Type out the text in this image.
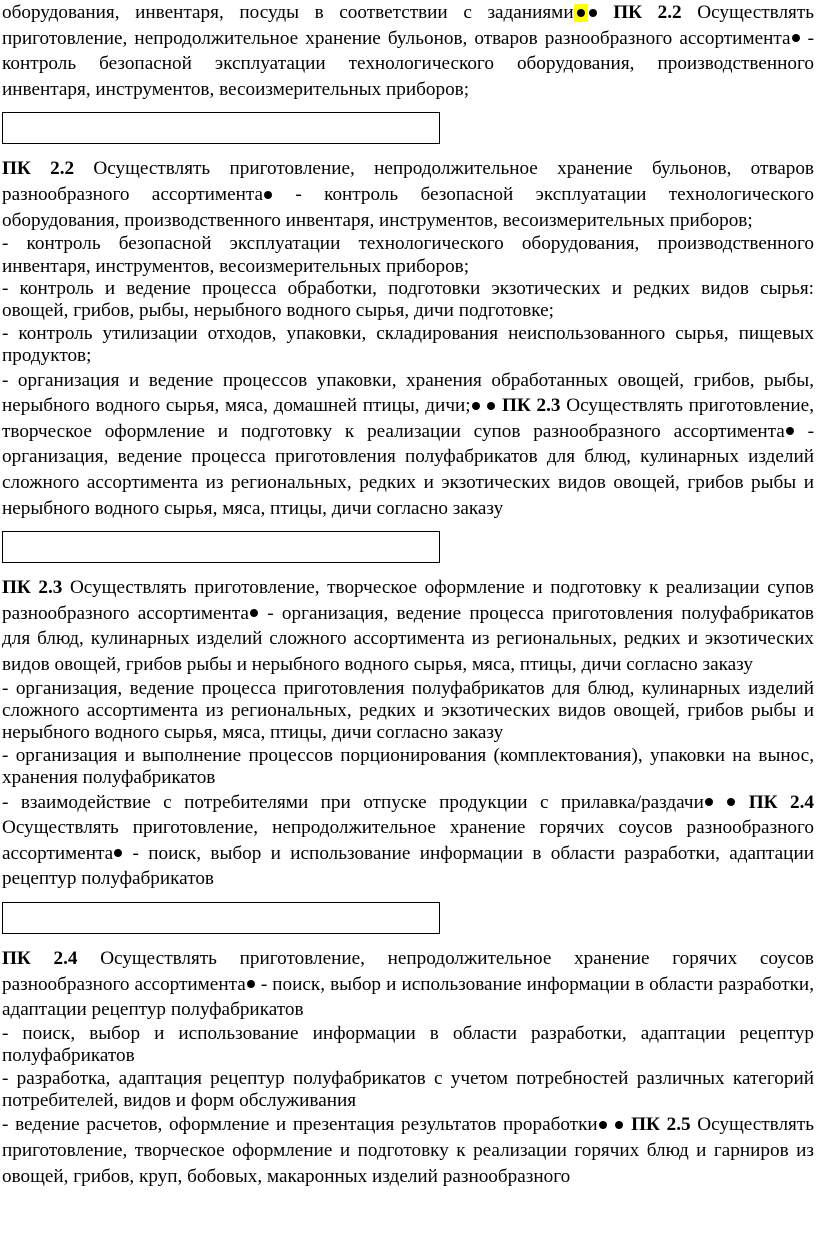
оборудования, инвентаря, посуды в соответствии с заданиями ПК 2.2 Осуществлять приготовление, непродолжительное хранение бульонов, отваров разнообразного ассортимента - контроль безопасной эксплуатации технологического оборудования, производственного инвентаря, инструментов, весоизмерительных приборов;

ПК 2.2 Осуществлять приготовление, непродолжительное хранение бульонов, отваров разнообразного ассортимента - контроль безопасной эксплуатации технологического оборудования, производственного инвентаря, инструментов, весоизмерительных приборов;

- контроль безопасной эксплуатации технологического оборудования, производственного инвентаря, инструментов, весоизмерительных приборов;

- контроль и ведение процесса обработки, подготовки экзотических и редких видов сырья: овощей, грибов, рыбы, нерыбного водного сырья, дичи подготовке;

- контроль утилизации отходов, упаковки, складирования неиспользованного сырья, пищевых продуктов;

- организация и ведение процессов упаковки, хранения обработанных овощей, грибов, рыбы, нерыбного водного сырья, мяса, домашней птицы, дичи; ПК 2.3 Осуществлять приготовление, творческое оформление и подготовку к реализации супов разнообразного ассортимента - организация, ведение процесса приготовления полуфабрикатов для блюд, кулинарных изделий сложного ассортимента из региональных, редких и экзотических видов овощей, грибов рыбы и нерыбного водного сырья, мяса, птицы, дичи согласно заказу

ПК 2.3 Осуществлять приготовление, творческое оформление и подготовку к реализации супов разнообразного ассортимента - организация, ведение процесса приготовления полуфабрикатов для блюд, кулинарных изделий сложного ассортимента из региональных, редких и экзотических видов овощей, грибов рыбы и нерыбного водного сырья, мяса, птицы, дичи согласно заказу

- организация, ведение процесса приготовления полуфабрикатов для блюд, кулинарных изделий сложного ассортимента из региональных, редких и экзотических видов овощей, грибов рыбы и нерыбного водного сырья, мяса, птицы, дичи согласно заказу

- организация и выполнение процессов порционирования (комплектования), упаковки на вынос, хранения полуфабрикатов

- взаимодействие с потребителями при отпуске продукции с прилавка/раздачи ПК 2.4 Осуществлять приготовление, непродолжительное хранение горячих соусов разнообразного ассортимента - поиск, выбор и использование информации в области разработки, адаптации рецептур полуфабрикатов

ПК 2.4 Осуществлять приготовление, непродолжительное хранение горячих соусов разнообразного ассортимента - поиск, выбор и использование информации в области разработки, адаптации рецептур полуфабрикатов

- поиск, выбор и использование информации в области разработки, адаптации рецептур полуфабрикатов

- разработка, адаптация рецептур полуфабрикатов с учетом потребностей различных категорий потребителей, видов и форм обслуживания

- ведение расчетов, оформление и презентация результатов проработки ПК 2.5 Осуществлять приготовление, творческое оформление и подготовку к реализации горячих блюд и гарниров из овощей, грибов, круп, бобовых, макаронных изделий разнообразного
